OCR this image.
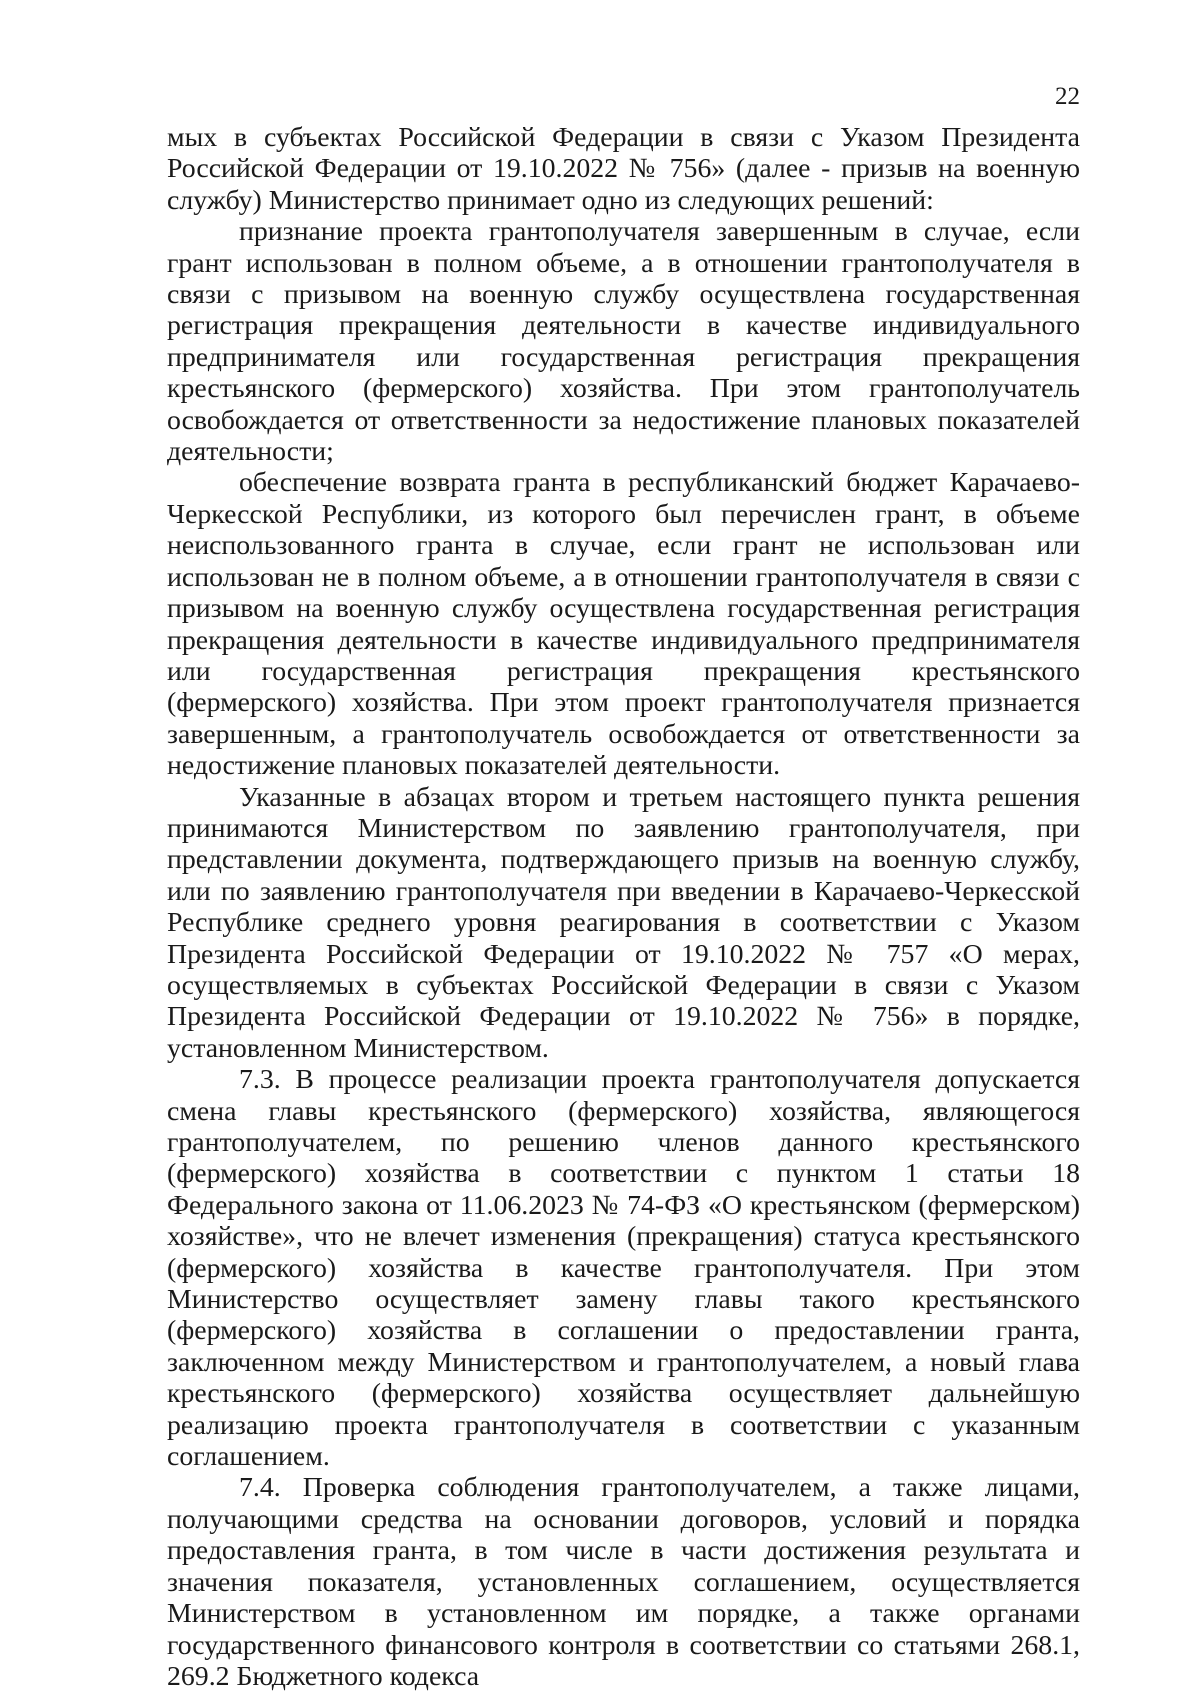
22

мых в субъектах Российской Федерации в связи с Указом Президента Российской Федерации от 19.10.2022 № 756» (далее - призыв на военную службу) Министерство принимает одно из следующих решений:

признание проекта грантополучателя завершенным в случае, если грант использован в полном объеме, а в отношении грантополучателя в связи с призывом на военную службу осуществлена государственная регистрация прекращения деятельности в качестве индивидуального предпринимателя или государственная регистрация прекращения крестьянского (фермерского) хозяйства. При этом грантополучатель освобождается от ответственности за недостижение плановых показателей деятельности;

обеспечение возврата гранта в республиканский бюджет Карачаево-Черкесской Республики, из которого был перечислен грант, в объеме неиспользованного гранта в случае, если грант не использован или использован не в полном объеме, а в отношении грантополучателя в связи с призывом на военную службу осуществлена государственная регистрация прекращения деятельности в качестве индивидуального предпринимателя или государственная регистрация прекращения крестьянского (фермерского) хозяйства. При этом проект грантополучателя признается завершенным, а грантополучатель освобождается от ответственности за недостижение плановых показателей деятельности.

Указанные в абзацах втором и третьем настоящего пункта решения принимаются Министерством по заявлению грантополучателя, при представлении документа, подтверждающего призыв на военную службу, или по заявлению грантополучателя при введении в Карачаево-Черкесской Республике среднего уровня реагирования в соответствии с Указом Президента Российской Федерации от 19.10.2022 № 757 «О мерах, осуществляемых в субъектах Российской Федерации в связи с Указом Президента Российской Федерации от 19.10.2022 № 756» в порядке, установленном Министерством.

7.3. В процессе реализации проекта грантополучателя допускается смена главы крестьянского (фермерского) хозяйства, являющегося грантополучателем, по решению членов данного крестьянского (фермерского) хозяйства в соответствии с пунктом 1 статьи 18 Федерального закона от 11.06.2023 № 74-ФЗ «О крестьянском (фермерском) хозяйстве», что не влечет изменения (прекращения) статуса крестьянского (фермерского) хозяйства в качестве грантополучателя. При этом Министерство осуществляет замену главы такого крестьянского (фермерского) хозяйства в соглашении о предоставлении гранта, заключенном между Министерством и грантополучателем, а новый глава крестьянского (фермерского) хозяйства осуществляет дальнейшую реализацию проекта грантополучателя в соответствии с указанным соглашением.

7.4. Проверка соблюдения грантополучателем, а также лицами, получающими средства на основании договоров, условий и порядка предоставления гранта, в том числе в части достижения результата и значения показателя, установленных соглашением, осуществляется Министерством в установленном им порядке, а также органами государственного финансового контроля в соответствии со статьями 268.1, 269.2 Бюджетного кодекса
